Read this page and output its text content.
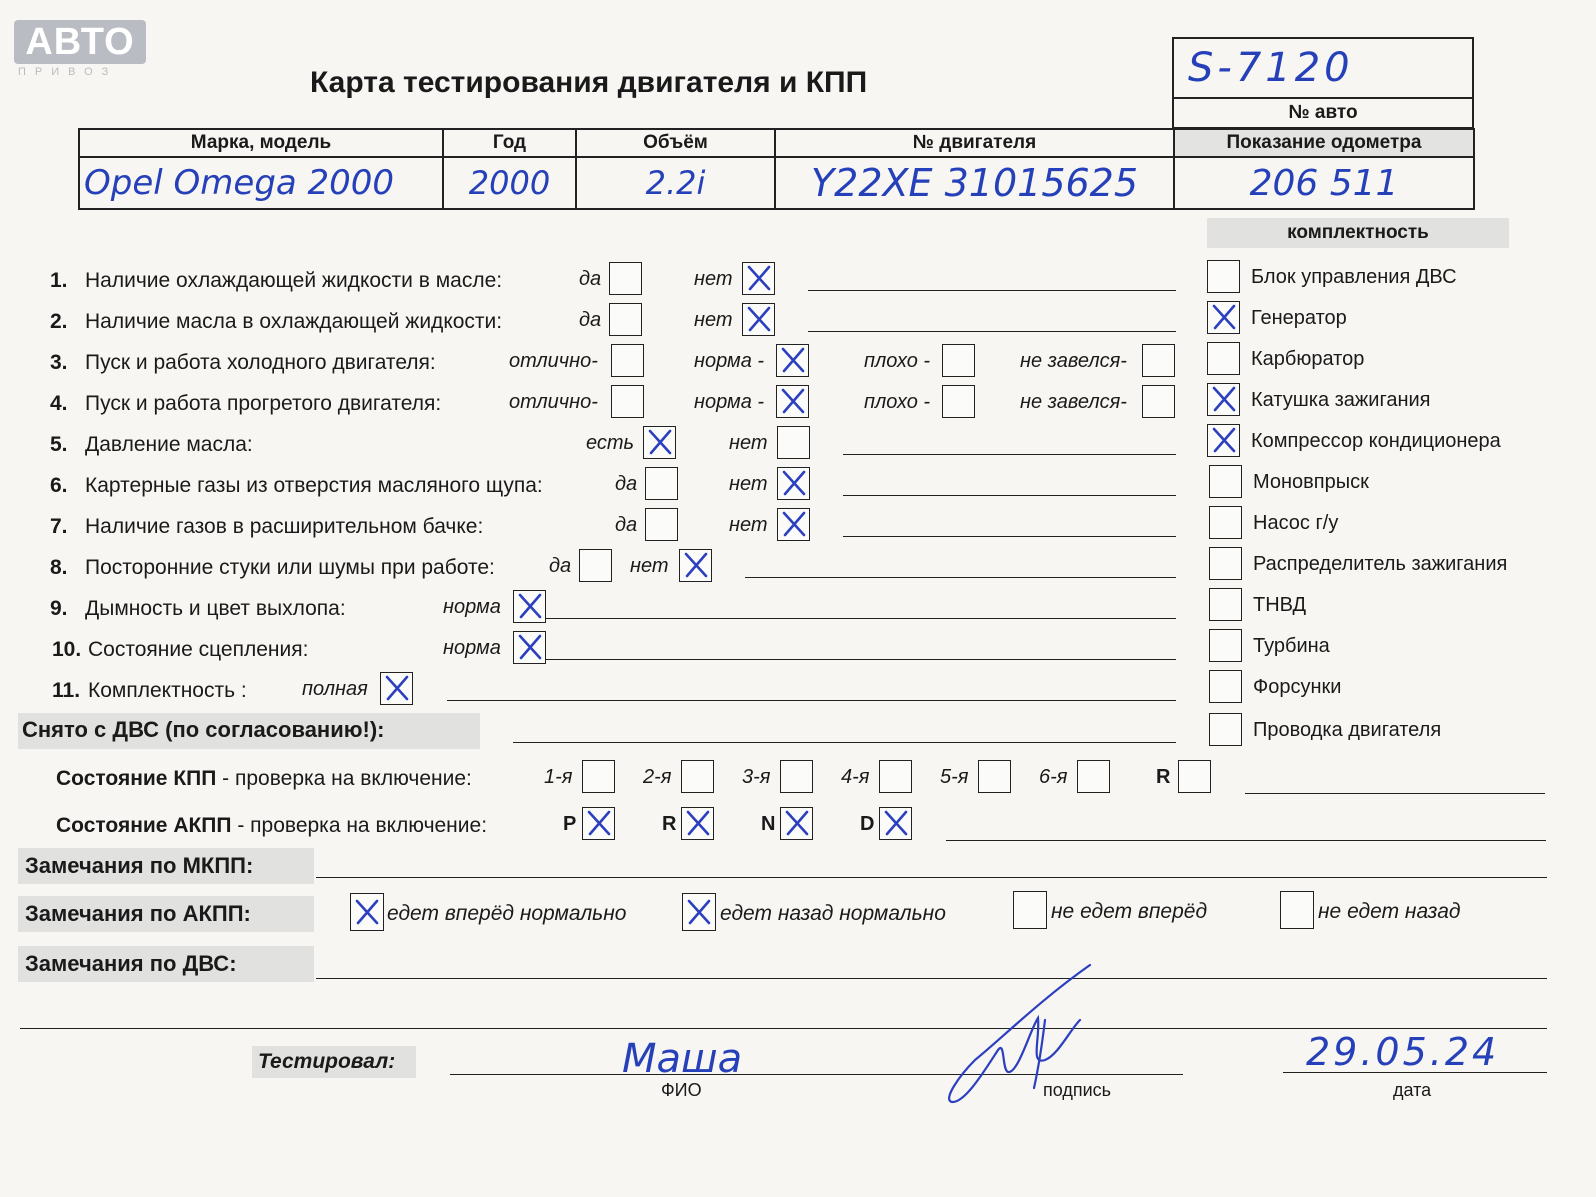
АВТО
ПРИВОЗ	Карта тестирования двигателя и КПП	S-7120
№ авто
Марка, модель	Год	Объём	№ двигателя	Показание одометра
Opel Omega 2000	2000	2.2i	Y22XE 31015625	206 511
комплектность
1. Наличие охлаждающей жидкости в масле:	да	нет
2. Наличие масла в охлаждающей жидкости:	да	нет
3. Пуск и работа холодного двигателя:	отлично-	норма -	плохо -	не завелся-
4. Пуск и работа прогретого двигателя:	отлично-	норма -	плохо -	не завелся-
5. Давление масла:	есть	нет
6. Картерные газы из отверстия масляного щупа:	да	нет
7. Наличие газов в расширительном бачке:	да	нет
8. Посторонние стуки или шумы при работе:	да	нет
9. Дымность и цвет выхлопа:	норма
10. Состояние сцепления:	норма
11. Комплектность :	полная
Снято с ДВС (по согласованию!):
Блок управления ДВС
Генератор
Карбюратор
Катушка зажигания
Компрессор кондиционера
Моновпрыск
Насос г/у
Распределитель зажигания
ТНВД
Турбина
Форсунки
Проводка двигателя
Состояние КПП - проверка на включение:	1-я	2-я	3-я	4-я	5-я	6-я	R
Состояние АКПП - проверка на включение:	P	R	N	D
Замечания по МКПП:
Замечания по АКПП:	едет вперёд нормально	едет назад нормально	не едет вперёд	не едет назад
Замечания по ДВС:
Тестировал:	Маша
ФИО	подпись
29.05.24
дата
